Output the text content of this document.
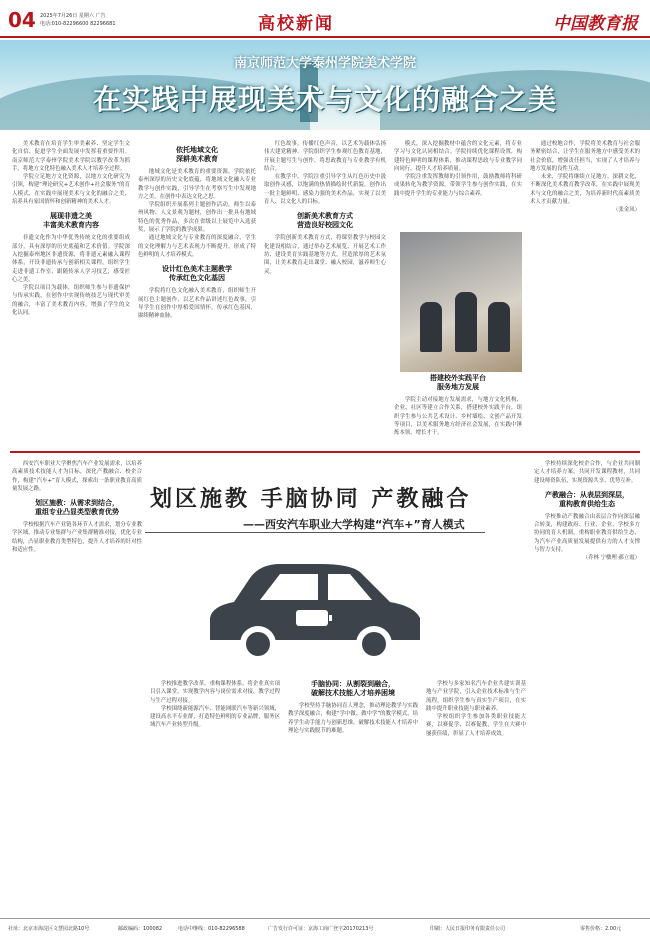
04 2025年7月26日 星期六 广告
电话:010-82296600 82296681	高校新闻	中国教育报
南京师范大学泰州学院美术学院
在实践中展现美术与文化的融合之美

美术教育在培育学生审美素养、坚定学生文化自信、促进学生全面发展中发挥着重要作用。南京师范大学泰州学院美术学院以教学改革为抓手，将地方文化特色融入美术人才培养全过程。

学院立足地方文化资源，以地方文化研究为引领，构建“理论研究+艺术创作+社会服务”的育人模式，在实践中展现美术与文化的融合之美，培养具有家国情怀和创新精神的美术人才。

展现非遗之美
丰富美术教育内容

非遗文化作为中华优秀传统文化的重要组成部分，具有深厚的历史底蕴和艺术价值。学院深入挖掘泰州地区非遗资源，将非遗元素融入课程体系，开设非遗传承与创新相关课程，组织学生走进非遗工作室，跟随传承人学习技艺，感受匠心之美。

学院以项目为载体，组织师生参与非遗保护与传承实践，在创作中实现传统技艺与现代审美的融合，丰富了美术教育内容，增强了学生的文化认同。

依托地域文化
深耕美术教育

地域文化是美术教育的重要资源。学院依托泰州深厚的历史文化底蕴，将地域文化融入专业教学与创作实践，引导学生在考察写生中发现地方之美，在创作中表达文化之思。

学院组织开展系列主题创作活动，师生以泰州风物、人文景观为题材，创作出一批具有地域特色的优秀作品，多次在省级以上展览中入选获奖，展示了学院的教学成果。

通过地域文化与专业教育的深度融合，学生的文化理解力与艺术表现力不断提升，形成了特色鲜明的人才培养模式。

设计红色美术主题教学
传承红色文化基因

学院将红色文化融入美术教育，组织师生开展红色主题创作，以艺术作品讲述红色故事，引导学生在创作中厚植爱国情怀，传承红色基因，赓续精神血脉。

红色故事，传播红色声音，以艺术为载体弘扬伟大建党精神。学院组织学生参观红色教育基地，开展主题写生与创作，将思政教育与专业教学有机结合。

在教学中，学院注重引导学生从红色历史中汲取创作灵感，以饱满的热情描绘时代新貌，创作出一批主题鲜明、感染力强的美术作品，实现了以美育人、以文化人的目标。

创新美术教育方式
营造良好校园文化

学院创新美术教育方式，将课堂教学与校园文化建设相结合，通过举办艺术展览、开展艺术工作坊、建设美育实践基地等方式，营造浓厚的艺术氛围，让美术教育走出课堂、融入校园，滋养师生心灵。

模式，深入挖掘教材中蕴含的文化元素，将专业学习与文化认同相结合。学院持续优化课程设置，构建特色鲜明的课程体系，推动课程思政与专业教学同向同行，提升人才培养质量。

学院注重发挥教师的引领作用，鼓励教师将科研成果转化为教学资源，带领学生参与创作实践，在实践中提升学生的专业能力与综合素养。

搭建校外实践平台
服务地方发展

学院主动对接地方发展需求，与地方文化机构、企业、社区等建立合作关系，搭建校外实践平台，组织学生参与公共艺术设计、乡村墙绘、文创产品开发等项目，以美术服务地方经济社会发展，在实践中锤炼本领、增长才干。

通过校地合作，学院将美术教育与社会服务紧密结合，让学生在服务地方中感受美术的社会价值，增强责任担当，实现了人才培养与地方发展的良性互动。

未来，学院将继续立足地方、深耕文化，不断深化美术教育教学改革，在实践中展现美术与文化的融合之美，为培养新时代高素质美术人才贡献力量。

（张金凤）

西安汽车职业大学聚焦汽车产业发展需求，以培养高素质技术技能人才为目标，深化产教融合、校企合作，构建“汽车+”育人模式，探索出一条职业教育高质量发展之路。

划区施教：从需求到结合，
重组专业凸显类型教育优势

学校根据汽车产业链各环节人才需求，划分专业教学区域，推动专业集群与产业集群精准对接，优化专业结构，凸显职业教育类型特色，提升人才培养的针对性和适应性。

划区施教 手脑协同 产教融合
——西安汽车职业大学构建“汽车+”育人模式

学校推进教学改革，重构课程体系，将企业真实项目引入课堂，实现教学内容与岗位需求对接、教学过程与生产过程对接。

学校围绕新能源汽车、智能网联汽车等新兴领域，建设高水平专业群，打造特色鲜明的专业品牌，服务区域汽车产业转型升级。

手脑协同：从割裂到融合，
破解技术技能人才培养困境

学校坚持手脑协同育人理念，推动理论教学与实践教学深度融合，构建“学中做、做中学”的教学模式，培养学生动手能力与创新思维，破解技术技能人才培养中理论与实践脱节的难题。

学校与多家知名汽车企业共建实训基地与产业学院，引入企业技术标准与生产流程，组织学生参与真实生产项目，在实践中提升职业技能与职业素养。

学校组织学生参加各类职业技能大赛，以赛促学、以赛促教，学生在大赛中屡获佳绩，彰显了人才培养成效。

学校持续深化校企合作，与企业共同制定人才培养方案，共同开发课程教材，共同建设师资队伍，实现资源共享、优势互补。

产教融合：从表层到深层，
重构教育供给生态

学校推动产教融合由表层合作向深层融合转变，构建政府、行业、企业、学校多方协同的育人机制，重构职业教育供给生态，为汽车产业高质量发展提供有力的人才支撑与智力支持。

（乔林 宁楹理 郝立霞）

社址：北京市海淀区文慧园北路10号	邮政编码：100082	电话中继线：010-82296588	广告发行许可证：京海工商广登字20170213号	印刷：人民日报印务有限责任公司	零售价格：2.00元
